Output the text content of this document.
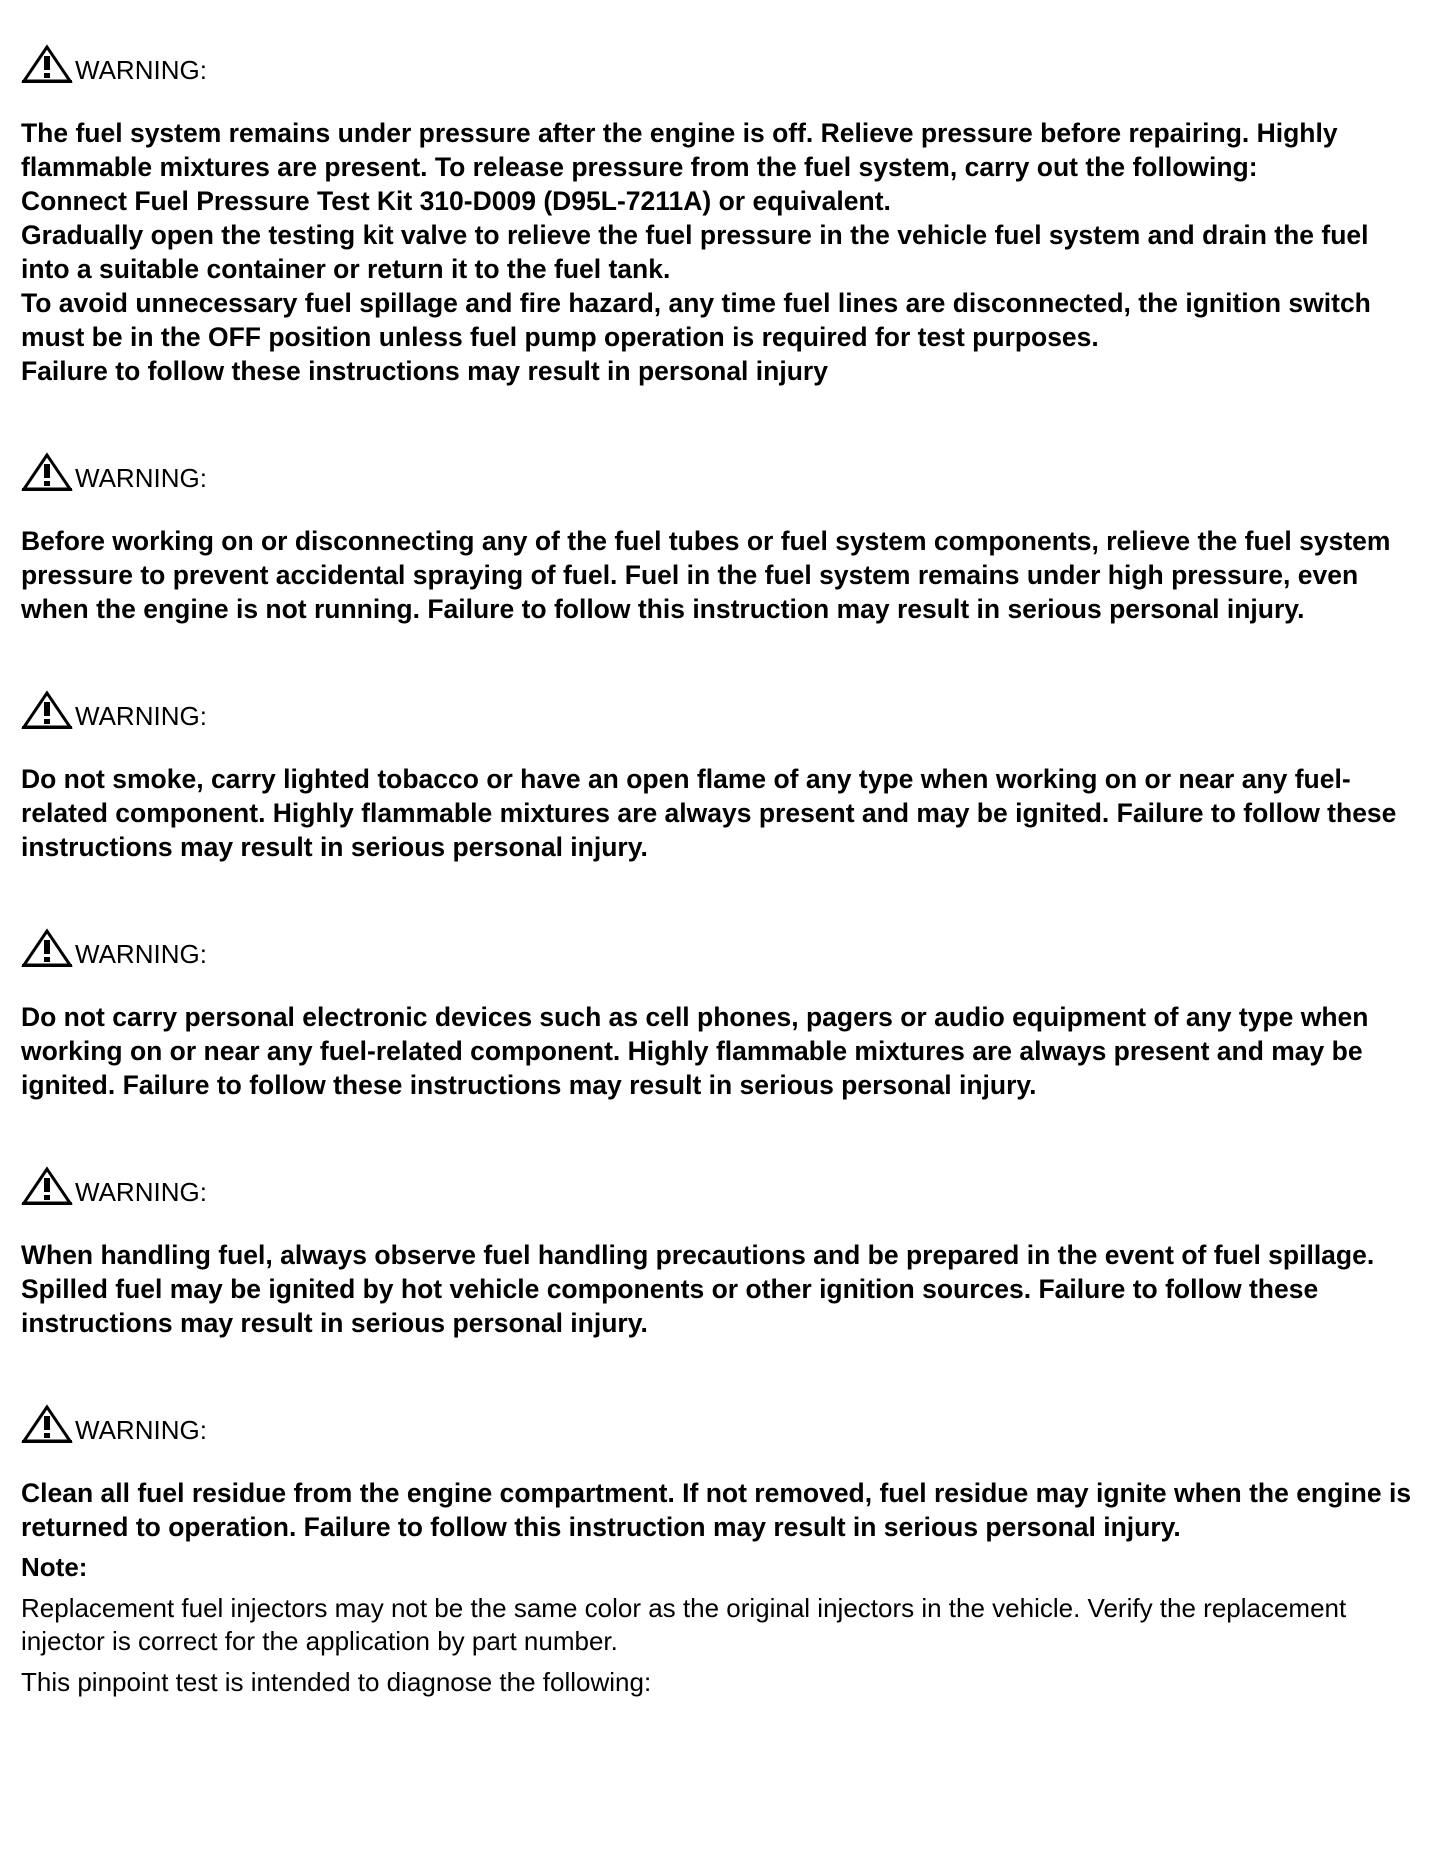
WARNING:
The fuel system remains under pressure after the engine is off. Relieve pressure before repairing. Highly flammable mixtures are present. To release pressure from the fuel system, carry out the following:
Connect Fuel Pressure Test Kit 310-D009 (D95L-7211A) or equivalent.
Gradually open the testing kit valve to relieve the fuel pressure in the vehicle fuel system and drain the fuel into a suitable container or return it to the fuel tank.
To avoid unnecessary fuel spillage and fire hazard, any time fuel lines are disconnected, the ignition switch must be in the OFF position unless fuel pump operation is required for test purposes.
Failure to follow these instructions may result in personal injury
WARNING:
Before working on or disconnecting any of the fuel tubes or fuel system components, relieve the fuel system pressure to prevent accidental spraying of fuel. Fuel in the fuel system remains under high pressure, even when the engine is not running. Failure to follow this instruction may result in serious personal injury.
WARNING:
Do not smoke, carry lighted tobacco or have an open flame of any type when working on or near any fuel-related component. Highly flammable mixtures are always present and may be ignited. Failure to follow these instructions may result in serious personal injury.
WARNING:
Do not carry personal electronic devices such as cell phones, pagers or audio equipment of any type when working on or near any fuel-related component. Highly flammable mixtures are always present and may be ignited. Failure to follow these instructions may result in serious personal injury.
WARNING:
When handling fuel, always observe fuel handling precautions and be prepared in the event of fuel spillage. Spilled fuel may be ignited by hot vehicle components or other ignition sources. Failure to follow these instructions may result in serious personal injury.
WARNING:
Clean all fuel residue from the engine compartment. If not removed, fuel residue may ignite when the engine is returned to operation. Failure to follow this instruction may result in serious personal injury.
Note:
Replacement fuel injectors may not be the same color as the original injectors in the vehicle. Verify the replacement injector is correct for the application by part number.
This pinpoint test is intended to diagnose the following:
